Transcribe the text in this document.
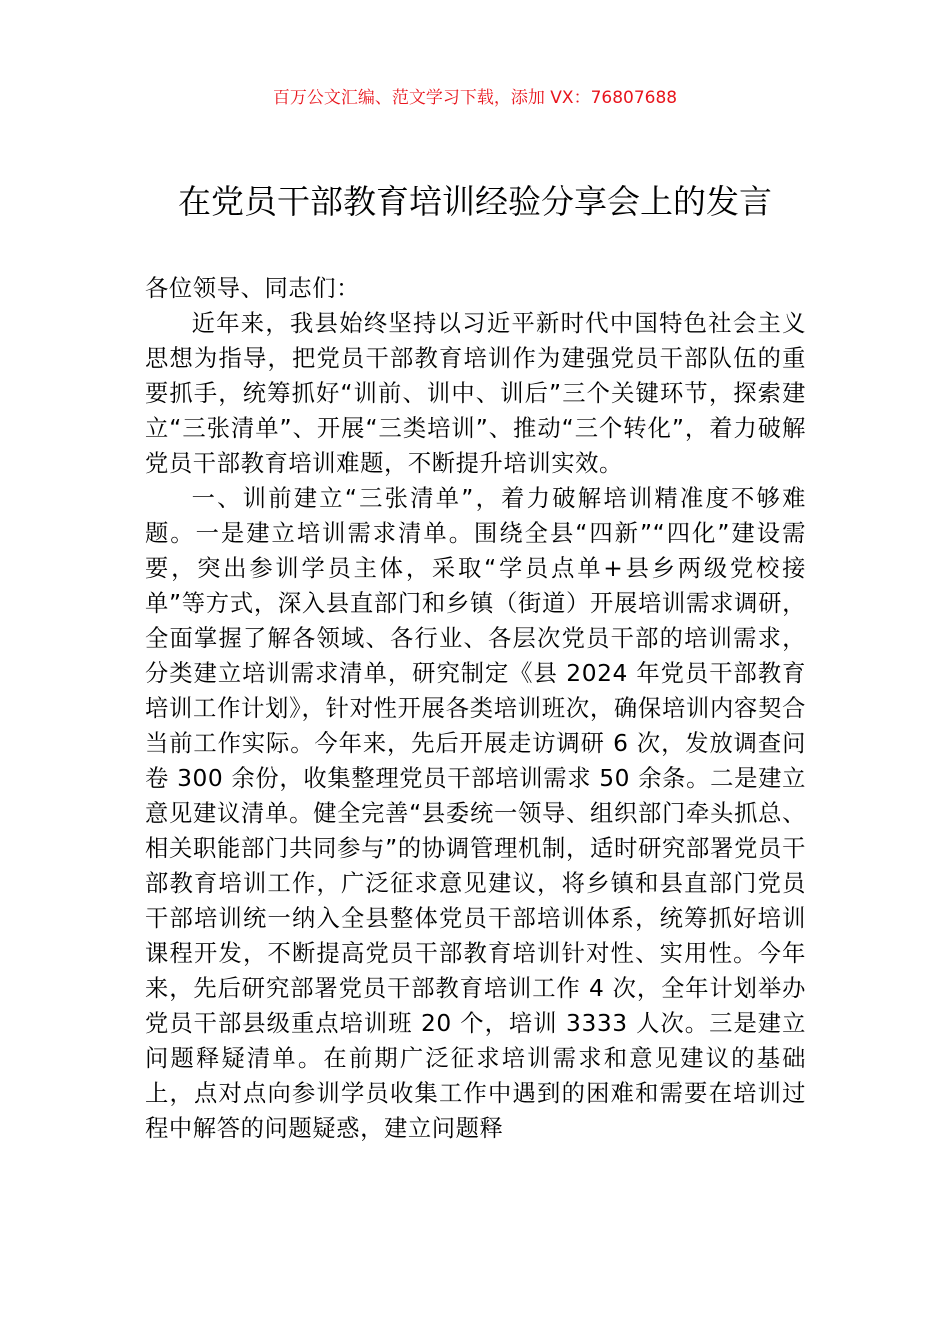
百万公文汇编、范文学习下载，添加 VX：76807688
在党员干部教育培训经验分享会上的发言

各位领导、同志们：

近年来，我县始终坚持以习近平新时代中国特色社会主义思想为指导，把党员干部教育培训作为建强党员干部队伍的重要抓手，统筹抓好“训前、训中、训后”三个关键环节，探索建立“三张清单”、开展“三类培训”、推动“三个转化”，着力破解党员干部教育培训难题，不断提升培训实效。

一、训前建立“三张清单”，着力破解培训精准度不够难题。一是建立培训需求清单。围绕全县“四新”“四化”建设需要，突出参训学员主体，采取“学员点单+县乡两级党校接单”等方式，深入县直部门和乡镇（街道）开展培训需求调研，全面掌握了解各领域、各行业、各层次党员干部的培训需求，分类建立培训需求清单，研究制定《县 2024 年党员干部教育培训工作计划》，针对性开展各类培训班次，确保培训内容契合当前工作实际。今年来，先后开展走访调研 6 次，发放调查问卷 300 余份，收集整理党员干部培训需求 50 余条。二是建立意见建议清单。健全完善“县委统一领导、组织部门牵头抓总、相关职能部门共同参与”的协调管理机制，适时研究部署党员干部教育培训工作，广泛征求意见建议，将乡镇和县直部门党员干部培训统一纳入全县整体党员干部培训体系，统筹抓好培训课程开发，不断提高党员干部教育培训针对性、实用性。今年来，先后研究部署党员干部教育培训工作 4 次，全年计划举办党员干部县级重点培训班 20 个，培训 3333 人次。三是建立问题释疑清单。在前期广泛征求培训需求和意见建议的基础上，点对点向参训学员收集工作中遇到的困难和需要在培训过程中解答的问题疑惑，建立问题释
